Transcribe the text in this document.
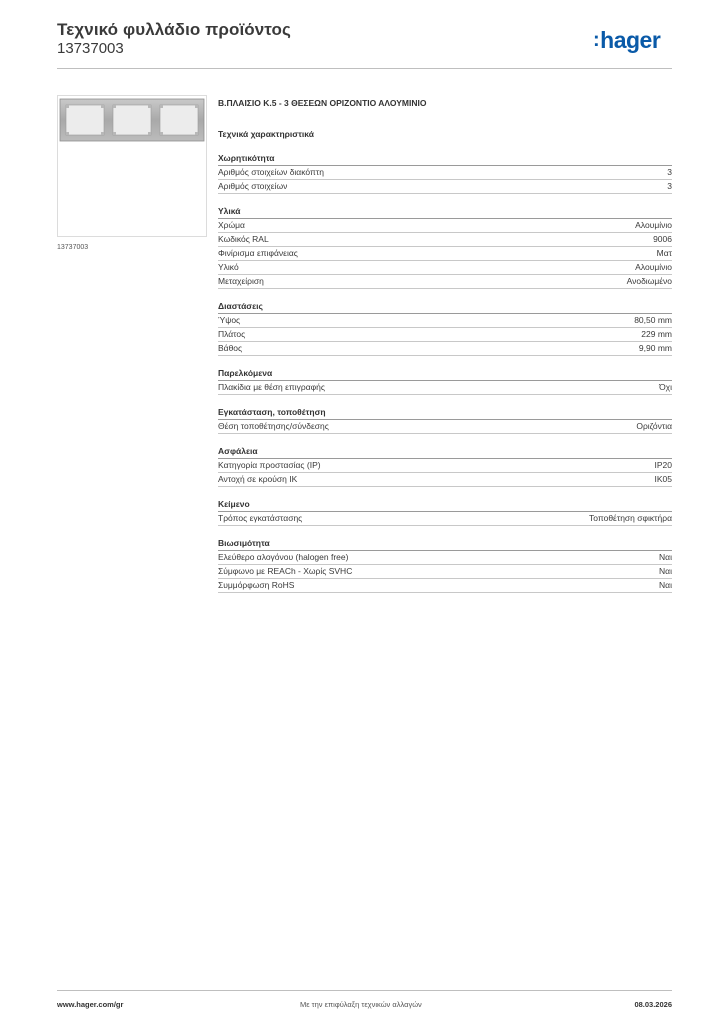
Τεχνικό φυλλάδιο προϊόντος
13737003	:hager
13737003
Β.ΠΛΑΙΣΙΟ Κ.5 - 3 ΘΕΣΕΩΝ ΟΡΙΖΟΝΤΙΟ ΑΛΟΥΜΙΝΙΟ
Τεχνικά χαρακτηριστικά
Χωρητικότητα
Αριθμός στοιχείων διακόπτη	3
Αριθμός στοιχείων	3
Υλικά
Χρώμα	Αλουμίνιο
Κωδικός RAL	9006
Φινίρισμα επιφάνειας	Ματ
Υλικό	Αλουμίνιο
Μεταχείριση	Ανοδιωμένο
Διαστάσεις
Ύψος	80,50 mm
Πλάτος	229 mm
Βάθος	9,90 mm
Παρελκόμενα
Πλακίδια με θέση επιγραφής	Όχι
Εγκατάσταση, τοποθέτηση
Θέση τοποθέτησης/σύνδεσης	Οριζόντια
Ασφάλεια
Κατηγορία προστασίας (IP)	IP20
Αντοχή σε κρούση IK	IK05
Κείμενο
Τρόπος εγκατάστασης	Τοποθέτηση σφικτήρα
Βιωσιμότητα
Ελεύθερο αλογόνου (halogen free)	Ναι
Σύμφωνο με REACh - Χωρίς SVHC	Ναι
Συμμόρφωση RoHS	Ναι
www.hager.com/gr	Με την επιφύλαξη τεχνικών αλλαγών	08.03.2026
